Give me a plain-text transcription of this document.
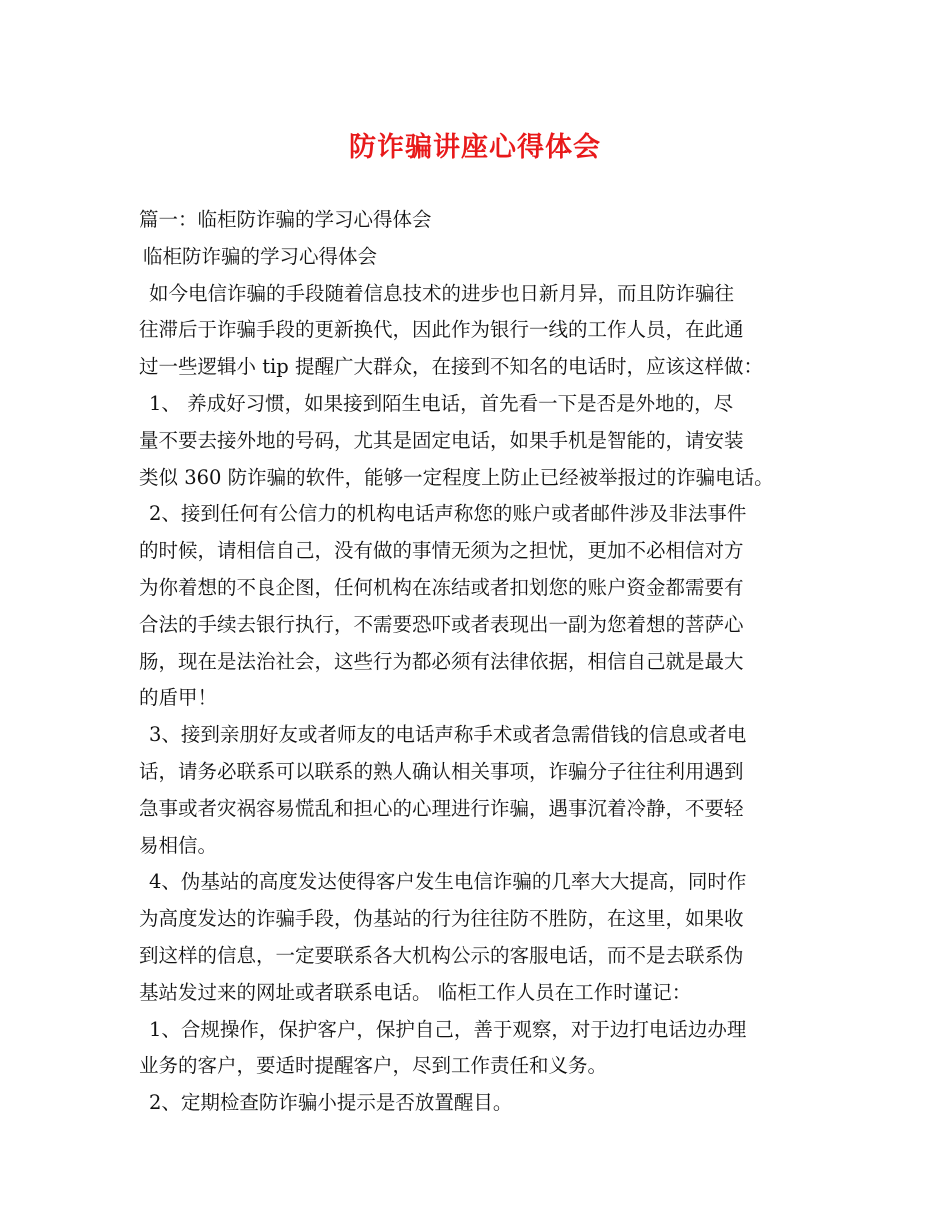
防诈骗讲座心得体会
篇一：临柜防诈骗的学习心得体会
临柜防诈骗的学习心得体会
如今电信诈骗的手段随着信息技术的进步也日新月异，而且防诈骗往
往滞后于诈骗手段的更新换代，因此作为银行一线的工作人员，在此通
过一些逻辑小 tip 提醒广大群众，在接到不知名的电话时，应该这样做：
1、 养成好习惯，如果接到陌生电话，首先看一下是否是外地的，尽
量不要去接外地的号码，尤其是固定电话，如果手机是智能的，请安装
类似 360 防诈骗的软件，能够一定程度上防止已经被举报过的诈骗电话。
2、接到任何有公信力的机构电话声称您的账户或者邮件涉及非法事件
的时候，请相信自己，没有做的事情无须为之担忧，更加不必相信对方
为你着想的不良企图，任何机构在冻结或者扣划您的账户资金都需要有
合法的手续去银行执行，不需要恐吓或者表现出一副为您着想的菩萨心
肠，现在是法治社会，这些行为都必须有法律依据，相信自己就是最大
的盾甲！
3、接到亲朋好友或者师友的电话声称手术或者急需借钱的信息或者电
话，请务必联系可以联系的熟人确认相关事项，诈骗分子往往利用遇到
急事或者灾祸容易慌乱和担心的心理进行诈骗，遇事沉着冷静，不要轻
易相信。
4、伪基站的高度发达使得客户发生电信诈骗的几率大大提高，同时作
为高度发达的诈骗手段，伪基站的行为往往防不胜防，在这里，如果收
到这样的信息，一定要联系各大机构公示的客服电话，而不是去联系伪
基站发过来的网址或者联系电话。 临柜工作人员在工作时谨记：
1、合规操作，保护客户，保护自己，善于观察，对于边打电话边办理
业务的客户，要适时提醒客户，尽到工作责任和义务。
2、定期检查防诈骗小提示是否放置醒目。
